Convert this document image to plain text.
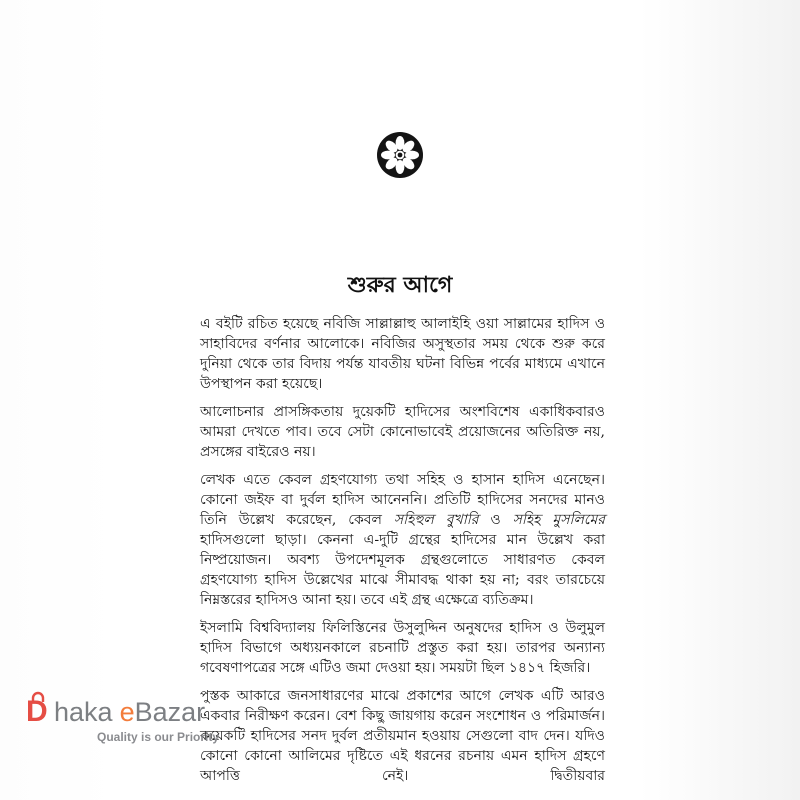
শুরুর আগে

এ বইটি রচিত হয়েছে নবিজি সাল্লাল্লাহু আলাইহি ওয়া সাল্লামের হাদিস ও সাহাবিদের বর্ণনার আলোকে। নবিজির অসুস্থতার সময় থেকে শুরু করে দুনিয়া থেকে তার বিদায় পর্যন্ত যাবতীয় ঘটনা বিভিন্ন পর্বের মাধ্যমে এখানে উপস্থাপন করা হয়েছে।

আলোচনার প্রাসঙ্গিকতায় দুয়েকটি হাদিসের অংশবিশেষ একাধিকবারও আমরা দেখতে পাব। তবে সেটা কোনোভাবেই প্রয়োজনের অতিরিক্ত নয়, প্রসঙ্গের বাইরেও নয়।

লেখক এতে কেবল গ্রহণযোগ্য তথা সহিহ ও হাসান হাদিস এনেছেন। কোনো জইফ বা দুর্বল হাদিস আনেননি। প্রতিটি হাদিসের সনদের মানও তিনি উল্লেখ করেছেন, কেবল সহিহুল বুখারি ও সহিহ মুসলিমের হাদিসগুলো ছাড়া। কেননা এ-দুটি গ্রন্থের হাদিসের মান উল্লেখ করা নিষ্প্রয়োজন। অবশ্য উপদেশমূলক গ্রন্থগুলোতে সাধারণত কেবল গ্রহণযোগ্য হাদিস উল্লেখের মাঝে সীমাবদ্ধ থাকা হয় না; বরং তারচেয়ে নিম্নস্তরের হাদিসও আনা হয়। তবে এই গ্রন্থ এক্ষেত্রে ব্যতিক্রম।

ইসলামি বিশ্ববিদ্যালয় ফিলিস্তিনের উসুলুদ্দিন অনুষদের হাদিস ও উলুমুল হাদিস বিভাগে অধ্যয়নকালে রচনাটি প্রস্তুত করা হয়। তারপর অন্যান্য গবেষণাপত্রের সঙ্গে এটিও জমা দেওয়া হয়। সময়টা ছিল ১৪১৭ হিজরি।

পুস্তক আকারে জনসাধারণের মাঝে প্রকাশের আগে লেখক এটি আরও একবার নিরীক্ষণ করেন। বেশ কিছু জায়গায় করেন সংশোধন ও পরিমার্জন। কয়েকটি হাদিসের সনদ দুর্বল প্রতীয়মান হওয়ায় সেগুলো বাদ দেন। যদিও কোনো কোনো আলিমের দৃষ্টিতে এই ধরনের রচনায় এমন হাদিস গ্রহণে আপত্তি নেই। দ্বিতীয়বার

D haka eBazar
Quality is our Priority
